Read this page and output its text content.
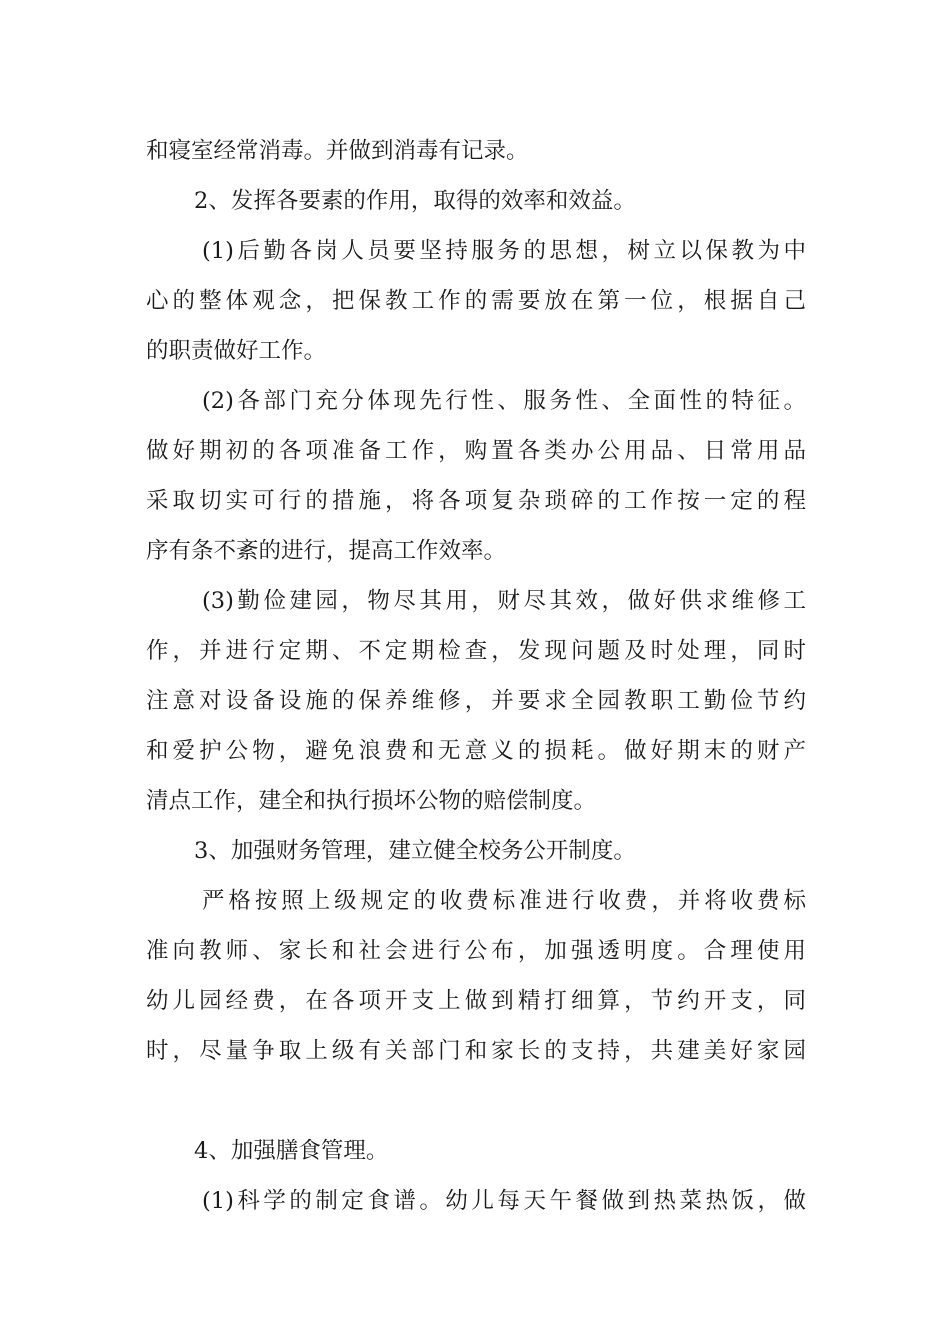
和寝室经常消毒。并做到消毒有记录。
2、发挥各要素的作用，取得的效率和效益。
(1)后勤各岗人员要坚持服务的思想，树立以保教为中
心的整体观念，把保教工作的需要放在第一位，根据自己
的职责做好工作。
(2)各部门充分体现先行性、服务性、全面性的特征。
做好期初的各项准备工作，购置各类办公用品、日常用品
采取切实可行的措施，将各项复杂琐碎的工作按一定的程
序有条不紊的进行，提高工作效率。
(3)勤俭建园，物尽其用，财尽其效，做好供求维修工
作，并进行定期、不定期检查，发现问题及时处理，同时
注意对设备设施的保养维修，并要求全园教职工勤俭节约
和爱护公物，避免浪费和无意义的损耗。做好期末的财产
清点工作，建全和执行损坏公物的赔偿制度。
3、加强财务管理，建立健全校务公开制度。
严格按照上级规定的收费标准进行收费，并将收费标
准向教师、家长和社会进行公布，加强透明度。合理使用
幼儿园经费，在各项开支上做到精打细算，节约开支，同
时，尽量争取上级有关部门和家长的支持，共建美好家园
4、加强膳食管理。
(1)科学的制定食谱。幼儿每天午餐做到热菜热饭，做
